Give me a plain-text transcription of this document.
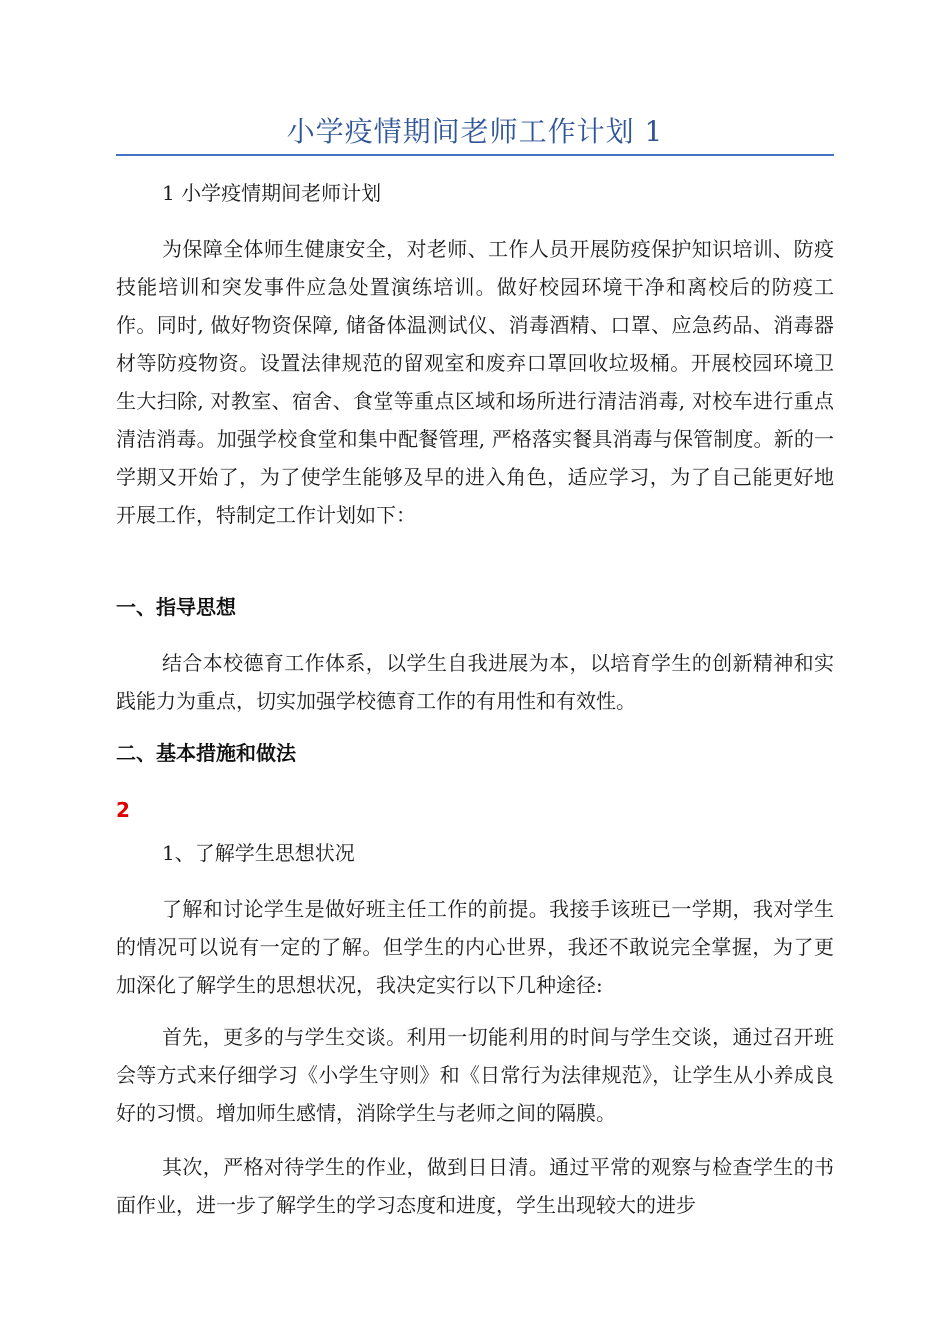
小学疫情期间老师工作计划 1
1 小学疫情期间老师计划

为保障全体师生健康安全，对老师、工作人员开展防疫保护知识培训、防疫技能培训和突发事件应急处置演练培训。做好校园环境干净和离校后的防疫工作。同时, 做好物资保障, 储备体温测试仪、消毒酒精、口罩、应急药品、消毒器材等防疫物资。设置法律规范的留观室和废弃口罩回收垃圾桶。开展校园环境卫生大扫除, 对教室、宿舍、食堂等重点区域和场所进行清洁消毒, 对校车进行重点清洁消毒。加强学校食堂和集中配餐管理, 严格落实餐具消毒与保管制度。新的一学期又开始了，为了使学生能够及早的进入角色，适应学习，为了自己能更好地开展工作，特制定工作计划如下：

一、指导思想

结合本校德育工作体系，以学生自我进展为本，以培育学生的创新精神和实践能力为重点，切实加强学校德育工作的有用性和有效性。

二、基本措施和做法
2
1、了解学生思想状况

了解和讨论学生是做好班主任工作的前提。我接手该班已一学期，我对学生的情况可以说有一定的了解。但学生的内心世界，我还不敢说完全掌握，为了更加深化了解学生的思想状况，我决定实行以下几种途径:

首先，更多的与学生交谈。利用一切能利用的时间与学生交谈，通过召开班会等方式来仔细学习《小学生守则》和《日常行为法律规范》，让学生从小养成良好的习惯。增加师生感情，消除学生与老师之间的隔膜。

其次，严格对待学生的作业，做到日日清。通过平常的观察与检查学生的书面作业，进一步了解学生的学习态度和进度，学生出现较大的进步
